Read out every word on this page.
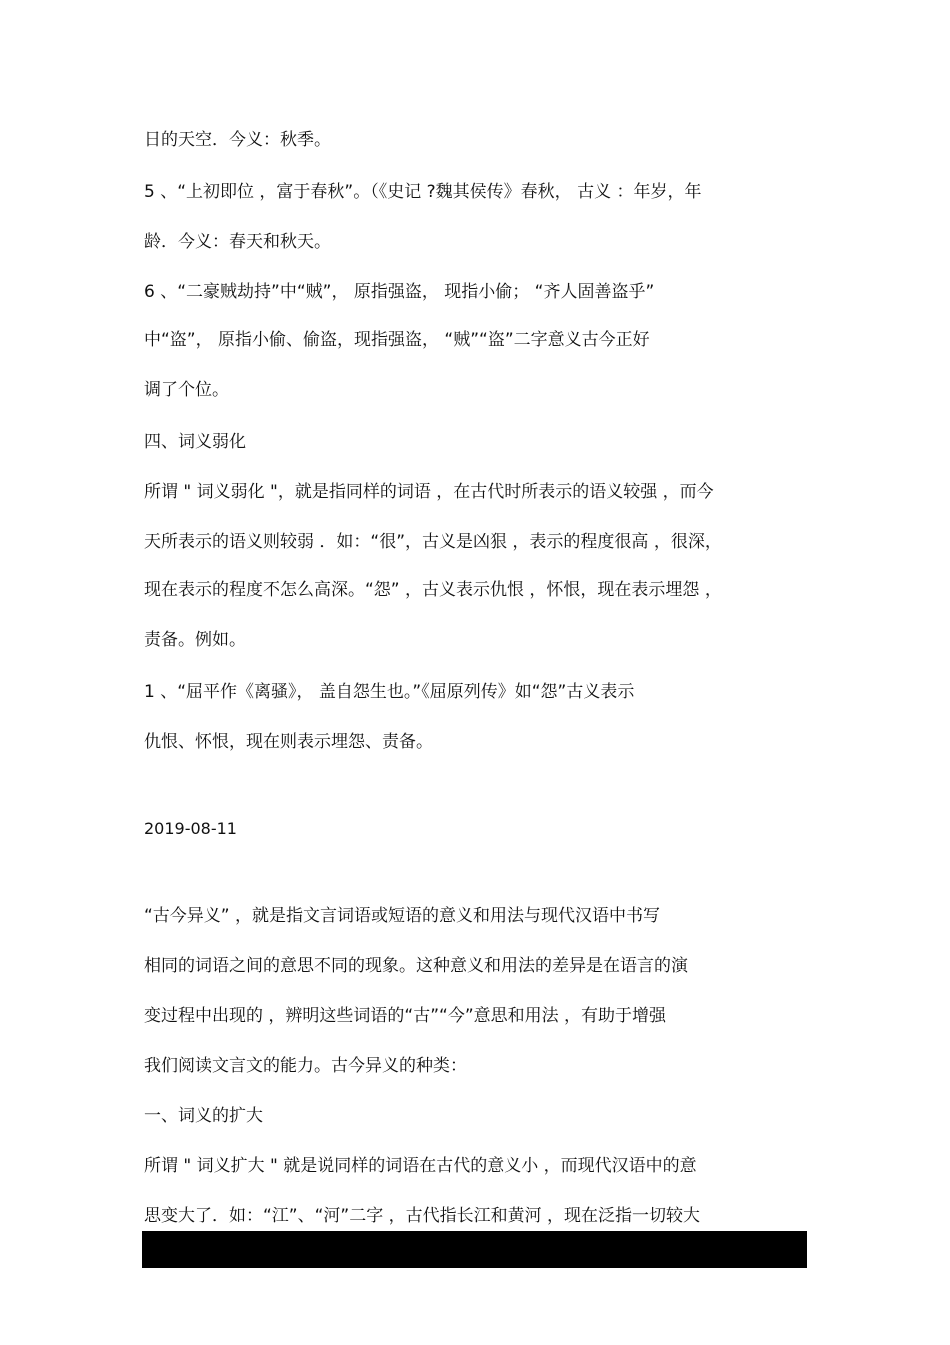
日的天空．今义：秋季。
5 、“上初即位 ，富于春秋”。（《史记 ?魏其侯传》春秋， 古义 ：年岁，年
龄．今义：春天和秋天。
6 、“二豪贼劫持”中“贼”， 原指强盗， 现指小偷； “齐人固善盗乎”
中“盗”， 原指小偷、偷盗，现指强盗， “贼”“盗”二字意义古今正好
调了个位。
四、词义弱化
所谓 " 词义弱化 "，就是指同样的词语 ，在古代时所表示的语义较强 ，而今
天所表示的语义则较弱 ．如：“很”，古义是凶狠 ，表示的程度很高 ，很深，
现在表示的程度不怎么高深。“怨” ，古义表示仇恨 ，怀恨，现在表示埋怨 ，
责备。例如。
1 、“屈平作《离骚》， 盖自怨生也。”《屈原列传》如“怨”古义表示
仇恨、怀恨，现在则表示埋怨、责备。
2019-08-11
“古今异义” ，就是指文言词语或短语的意义和用法与现代汉语中书写
相同的词语之间的意思不同的现象。这种意义和用法的差异是在语言的演
变过程中出现的 ，辨明这些词语的“古”“今”意思和用法 ，有助于增强
我们阅读文言文的能力。古今异义的种类：
一、词义的扩大
所谓 " 词义扩大 " 就是说同样的词语在古代的意义小 ，而现代汉语中的意
思变大了．如：“江”、“河”二字 ，古代指长江和黄河 ，现在泛指一切较大
